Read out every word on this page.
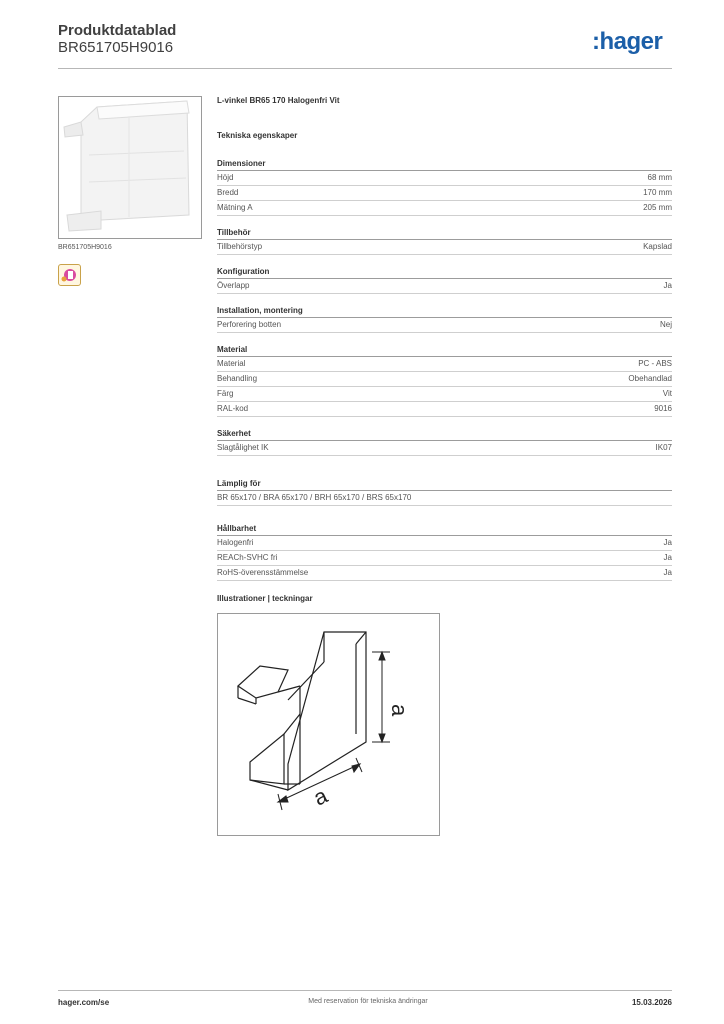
Produktdatablad
BR651705H9016	:hager
BR651705H9016
L-vinkel BR65 170 Halogenfri Vit
Tekniska egenskaper
Dimensioner
Höjd	68 mm
Bredd	170 mm
Mätning A	205 mm
Tillbehör
Tillbehörstyp	Kapslad
Konfiguration
Överlapp	Ja
Installation, montering
Perforering botten	Nej
Material
Material	PC - ABS
Behandling	Obehandlad
Färg	Vit
RAL-kod	9016
Säkerhet
Slagtålighet IK	IK07
Lämplig för
BR 65x170 / BRA 65x170 / BRH 65x170 / BRS 65x170
Hållbarhet
Halogenfri	Ja
REACh-SVHC fri	Ja
RoHS-överensstämmelse	Ja
Illustrationer | teckningar
a
a
hager.com/se	Med reservation för tekniska ändringar	15.03.2026
